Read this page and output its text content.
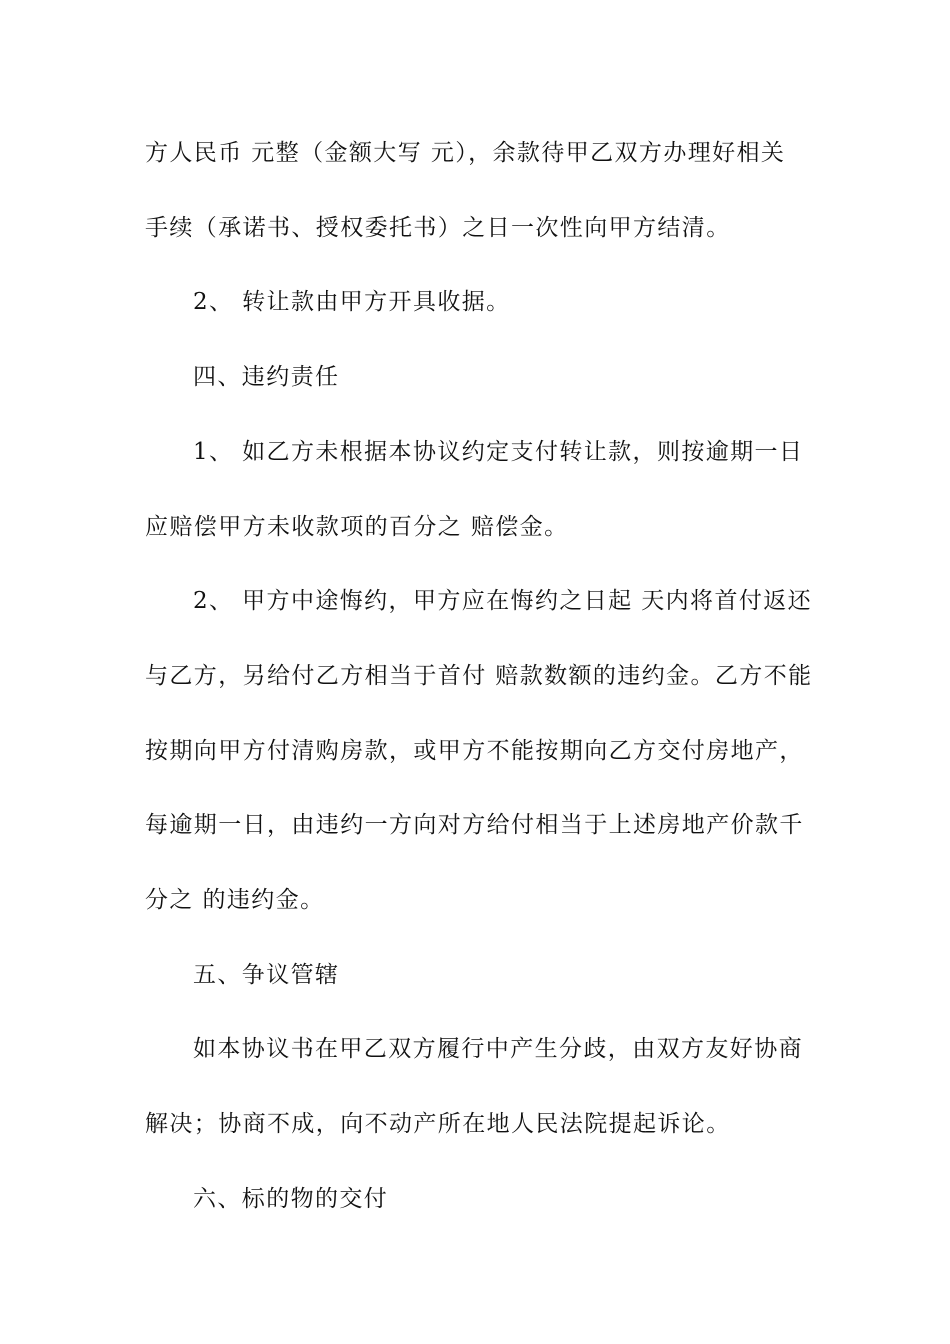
方人民币 元整（金额大写 元），余款待甲乙双方办理好相关
手续（承诺书、授权委托书）之日一次性向甲方结清。
2、 转让款由甲方开具收据。
四、违约责任
1、 如乙方未根据本协议约定支付转让款，则按逾期一日
应赔偿甲方未收款项的百分之 赔偿金。
2、 甲方中途悔约，甲方应在悔约之日起 天内将首付返还
与乙方，另给付乙方相当于首付 赔款数额的违约金。乙方不能
按期向甲方付清购房款，或甲方不能按期向乙方交付房地产，
每逾期一日，由违约一方向对方给付相当于上述房地产价款千
分之 的违约金。
五、争议管辖
如本协议书在甲乙双方履行中产生分歧，由双方友好协商
解决；协商不成，向不动产所在地人民法院提起诉论。
六、标的物的交付
